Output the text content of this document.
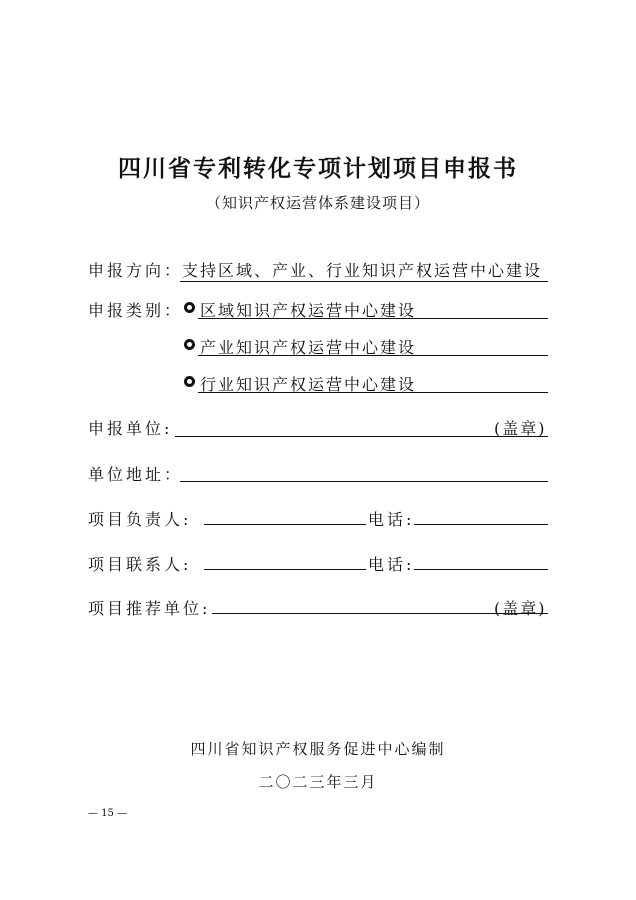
四川省专利转化专项计划项目申报书
（知识产权运营体系建设项目）
申报方向：
支持区域、产业、行业知识产权运营中心建设
申报类别： 区域知识产权运营中心建设
产业知识产权运营中心建设
行业知识产权运营中心建设
申报单位:	(盖章)
单位地址：
项目负责人:	电话:
项目联系人:	电话:
项目推荐单位:	(盖章)
四川省知识产权服务促进中心编制
二〇二三年三月
— 15 —
